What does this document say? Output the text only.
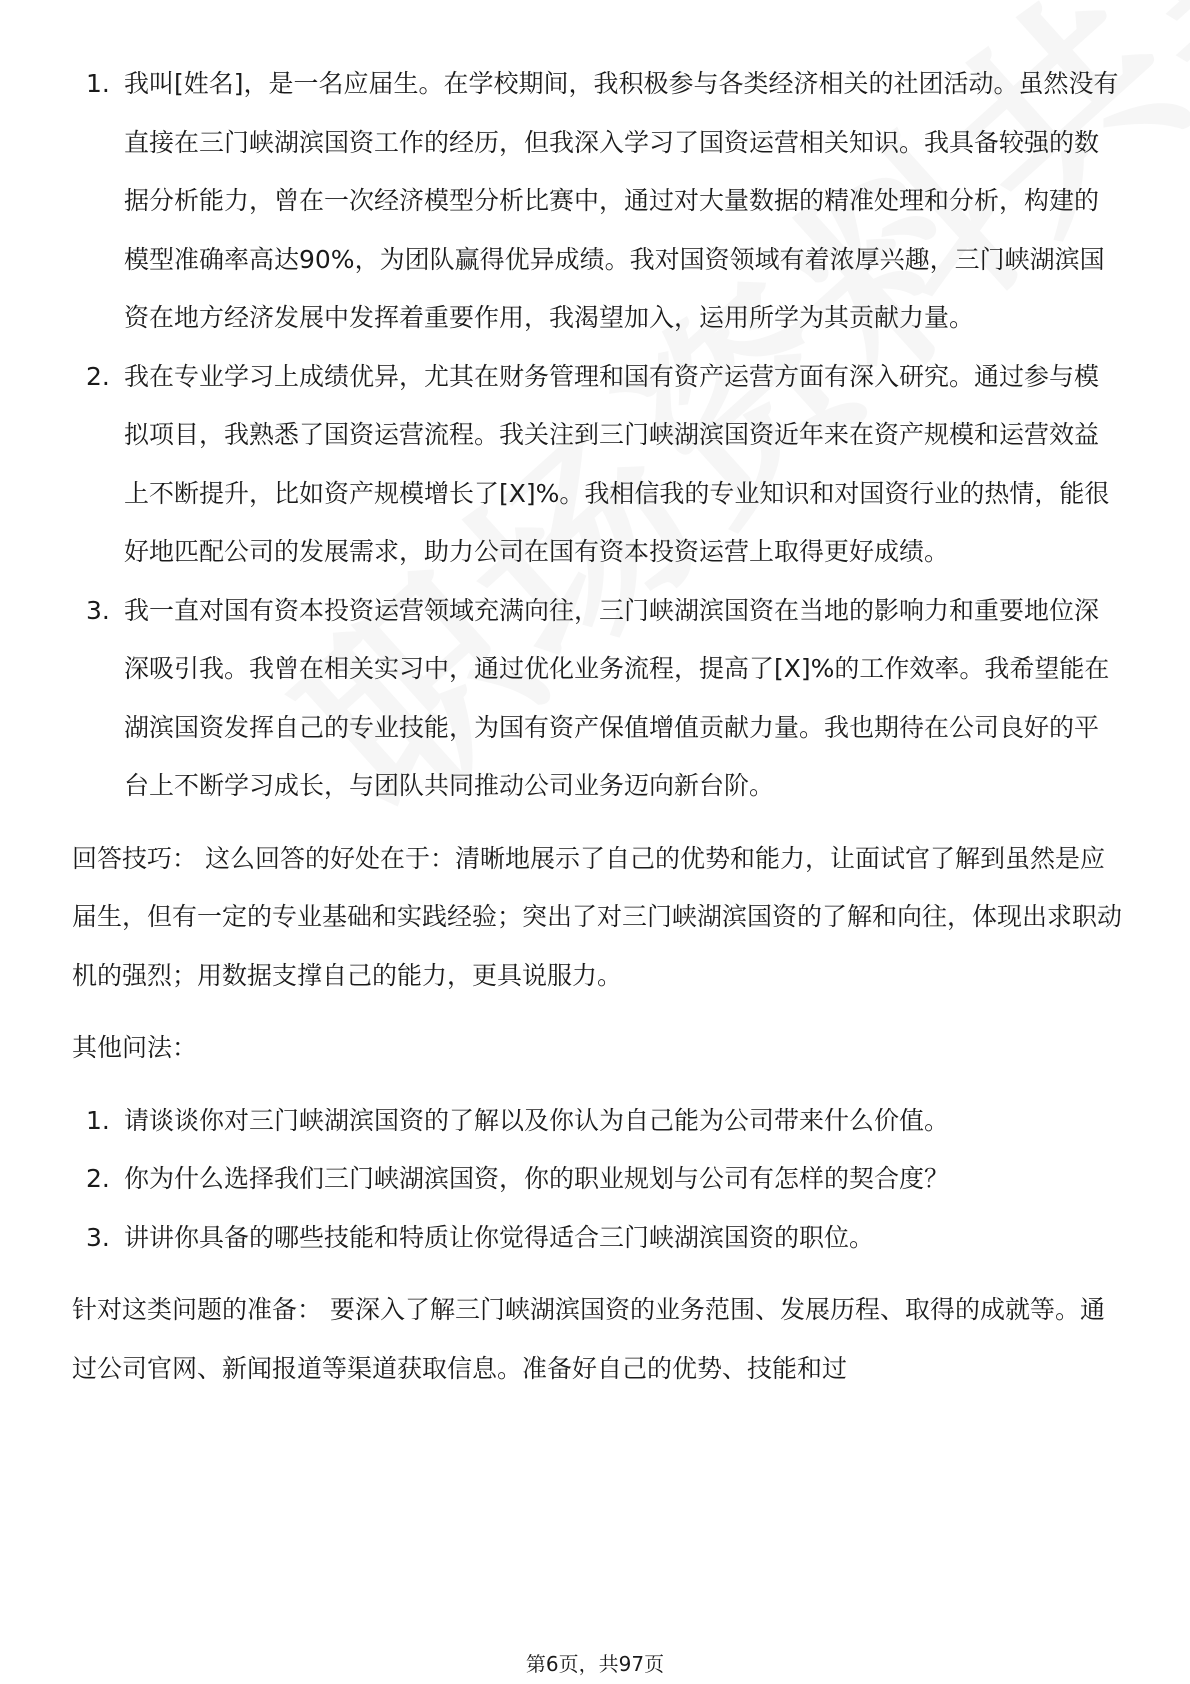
1. 我叫[姓名]，是一名应届生。在学校期间，我积极参与各类经济相关的社团活动。虽然没有直接在三门峡湖滨国资工作的经历，但我深入学习了国资运营相关知识。我具备较强的数据分析能力，曾在一次经济模型分析比赛中，通过对大量数据的精准处理和分析，构建的模型准确率高达90%，为团队赢得优异成绩。我对国资领域有着浓厚兴趣，三门峡湖滨国资在地方经济发展中发挥着重要作用，我渴望加入，运用所学为其贡献力量。
2. 我在专业学习上成绩优异，尤其在财务管理和国有资产运营方面有深入研究。通过参与模拟项目，我熟悉了国资运营流程。我关注到三门峡湖滨国资近年来在资产规模和运营效益上不断提升，比如资产规模增长了[X]%。我相信我的专业知识和对国资行业的热情，能很好地匹配公司的发展需求，助力公司在国有资本投资运营上取得更好成绩。
3. 我一直对国有资本投资运营领域充满向往，三门峡湖滨国资在当地的影响力和重要地位深深吸引我。我曾在相关实习中，通过优化业务流程，提高了[X]%的工作效率。我希望能在湖滨国资发挥自己的专业技能，为国有资产保值增值贡献力量。我也期待在公司良好的平台上不断学习成长，与团队共同推动公司业务迈向新台阶。

回答技巧： 这么回答的好处在于：清晰地展示了自己的优势和能力，让面试官了解到虽然是应届生，但有一定的专业基础和实践经验；突出了对三门峡湖滨国资的了解和向往，体现出求职动机的强烈；用数据支撑自己的能力，更具说服力。

其他问法：

1. 请谈谈你对三门峡湖滨国资的了解以及你认为自己能为公司带来什么价值。
2. 你为什么选择我们三门峡湖滨国资，你的职业规划与公司有怎样的契合度？
3. 讲讲你具备的哪些技能和特质让你觉得适合三门峡湖滨国资的职位。

针对这类问题的准备： 要深入了解三门峡湖滨国资的业务范围、发展历程、取得的成就等。通过公司官网、新闻报道等渠道获取信息。准备好自己的优势、技能和过

第6页，共97页
